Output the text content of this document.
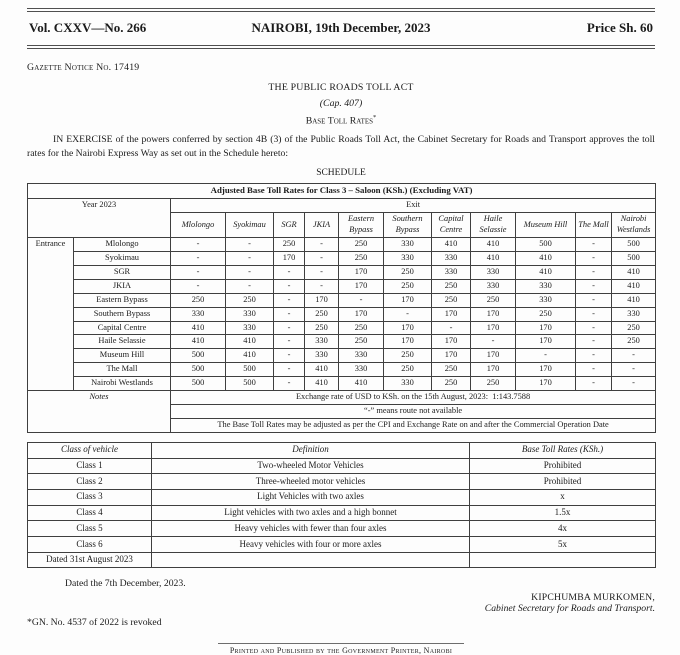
Vol. CXXV—No. 266	NAIROBI, 19th December, 2023	Price Sh. 60
Gazette Notice No. 17419
THE PUBLIC ROADS TOLL ACT
(Cap. 407)
Base Toll Rates*

IN EXERCISE of the powers conferred by section 4B (3) of the Public Roads Toll Act, the Cabinet Secretary for Roads and Transport approves the toll rates for the Nairobi Express Way as set out in the Schedule hereto:

SCHEDULE
Adjusted Base Toll Rates for Class 3 – Saloon (KSh.) (Excluding VAT)												
Year 2023		Exit										
		Mlolongo	Syokimau	SGR	JKIA	Eastern Bypass	Southern Bypass	Capital Centre	Haile Selassie	Museum Hill	The Mall	Nairobi Westlands
Entrance	Mlolongo	-	-	250	-	250	330	410	410	500	-	500
	Syokimau	-	-	170	-	250	330	330	410	410	-	500
	SGR	-	-	-	-	170	250	330	330	410	-	410
	JKIA	-	-	-	-	170	250	250	330	330	-	410
	Eastern Bypass	250	250	-	170	-	170	250	250	330	-	410
	Southern Bypass	330	330	-	250	170	-	170	170	250	-	330
	Capital Centre	410	330	-	250	250	170	-	170	170	-	250
	Haile Selassie	410	410	-	330	250	170	170	-	170	-	250
	Museum Hill	500	410	-	330	330	250	170	170	-	-	-
	The Mall	500	500	-	410	330	250	250	170	170	-	-
	Nairobi Westlands	500	500	-	410	410	330	250	250	170	-	-
Notes		Exchange rate of USD to KSh. on the 15th August, 2023:  1:143.7588										
		“-” means route not available										
		The Base Toll Rates may be adjusted as per the CPI and Exchange Rate on and after the Commercial Operation Date										
Class of vehicle	Definition	Base Toll Rates (KSh.)
Class 1	Two-wheeled Motor Vehicles	Prohibited
Class 2	Three-wheeled motor vehicles	Prohibited
Class 3	Light Vehicles with two axles	x
Class 4	Light vehicles with two axles and a high bonnet	1.5x
Class 5	Heavy vehicles with fewer than four axles	4x
Class 6	Heavy vehicles with four or more axles	5x
Dated 31st August 2023		
Dated the 7th December, 2023.
KIPCHUMBA MURKOMEN,
Cabinet Secretary for Roads and Transport.
*GN. No. 4537 of 2022 is revoked
Printed and Published by the Government Printer, Nairobi
